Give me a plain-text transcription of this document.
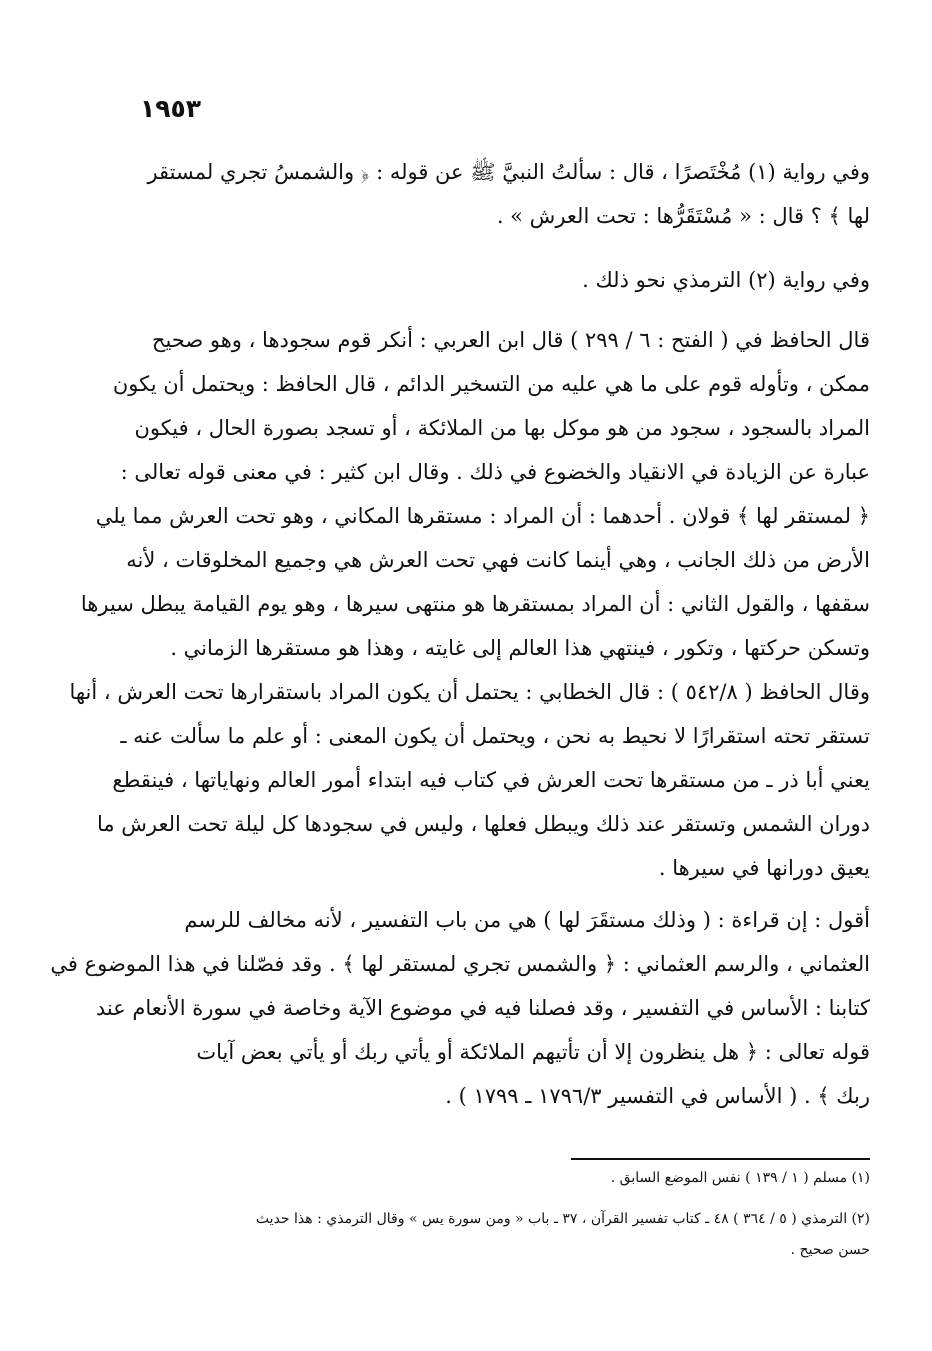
١٩٥٣
وفي رواية (١) مُخْتَصرًا ، قال : سألتُ النبيَّ ﷺ عن قوله : ﴿ والشمسُ تجري لمستقر
لها ﴾ ؟ قال : « مُسْتَقَرُّها : تحت العرش » .
وفي رواية (٢) الترمذي نحو ذلك .
قال الحافظ في ( الفتح : ٦ / ٢٩٩ ) قال ابن العربي : أنكر قوم سجودها ، وهو صحيح
ممكن ، وتأوله قوم على ما هي عليه من التسخير الدائم ، قال الحافظ : ويحتمل أن يكون
المراد بالسجود ، سجود من هو موكل بها من الملائكة ، أو تسجد بصورة الحال ، فيكون
عبارة عن الزيادة في الانقياد والخضوع في ذلك . وقال ابن كثير : في معنى قوله تعالى :
﴿ لمستقر لها ﴾ قولان . أحدهما : أن المراد : مستقرها المكاني ، وهو تحت العرش مما يلي
الأرض من ذلك الجانب ، وهي أينما كانت فهي تحت العرش هي وجميع المخلوقات ، لأنه
سقفها ، والقول الثاني : أن المراد بمستقرها هو منتهى سيرها ، وهو يوم القيامة يبطل سيرها
وتسكن حركتها ، وتكور ، فينتهي هذا العالم إلى غايته ، وهذا هو مستقرها الزماني .
وقال الحافظ ( ٥٤٢/٨ ) : قال الخطابي : يحتمل أن يكون المراد باستقرارها تحت العرش ، أنها
تستقر تحته استقرارًا لا نحيط به نحن ، ويحتمل أن يكون المعنى : أو علم ما سألت عنه ـ
يعني أبا ذر ـ من مستقرها تحت العرش في كتاب فيه ابتداء أمور العالم ونهاياتها ، فينقطع
دوران الشمس وتستقر عند ذلك ويبطل فعلها ، وليس في سجودها كل ليلة تحت العرش ما
يعيق دورانها في سيرها .
أقول : إن قراءة : ( وذلك مستقَرَ لها ) هي من باب التفسير ، لأنه مخالف للرسم
العثماني ، والرسم العثماني : ﴿ والشمس تجري لمستقر لها ﴾ . وقد فصّلنا في هذا الموضوع في
كتابنا : الأساس في التفسير ، وقد فصلنا فيه في موضوع الآية وخاصة في سورة الأنعام عند
قوله تعالى : ﴿ هل ينظرون إلا أن تأتيهم الملائكة أو يأتي ربك أو يأتي بعض آيات
ربك ﴾ . ( الأساس في التفسير ١٧٩٦/٣ ـ ١٧٩٩ ) .
(١) مسلم ( ١ / ١٣٩ ) نفس الموضع السابق .
(٢) الترمذي ( ٥ / ٣٦٤ ) ٤٨ ـ كتاب تفسير القرآن ، ٣٧ ـ باب « ومن سورة يس » وقال الترمذي : هذا حديث
حسن صحيح .
